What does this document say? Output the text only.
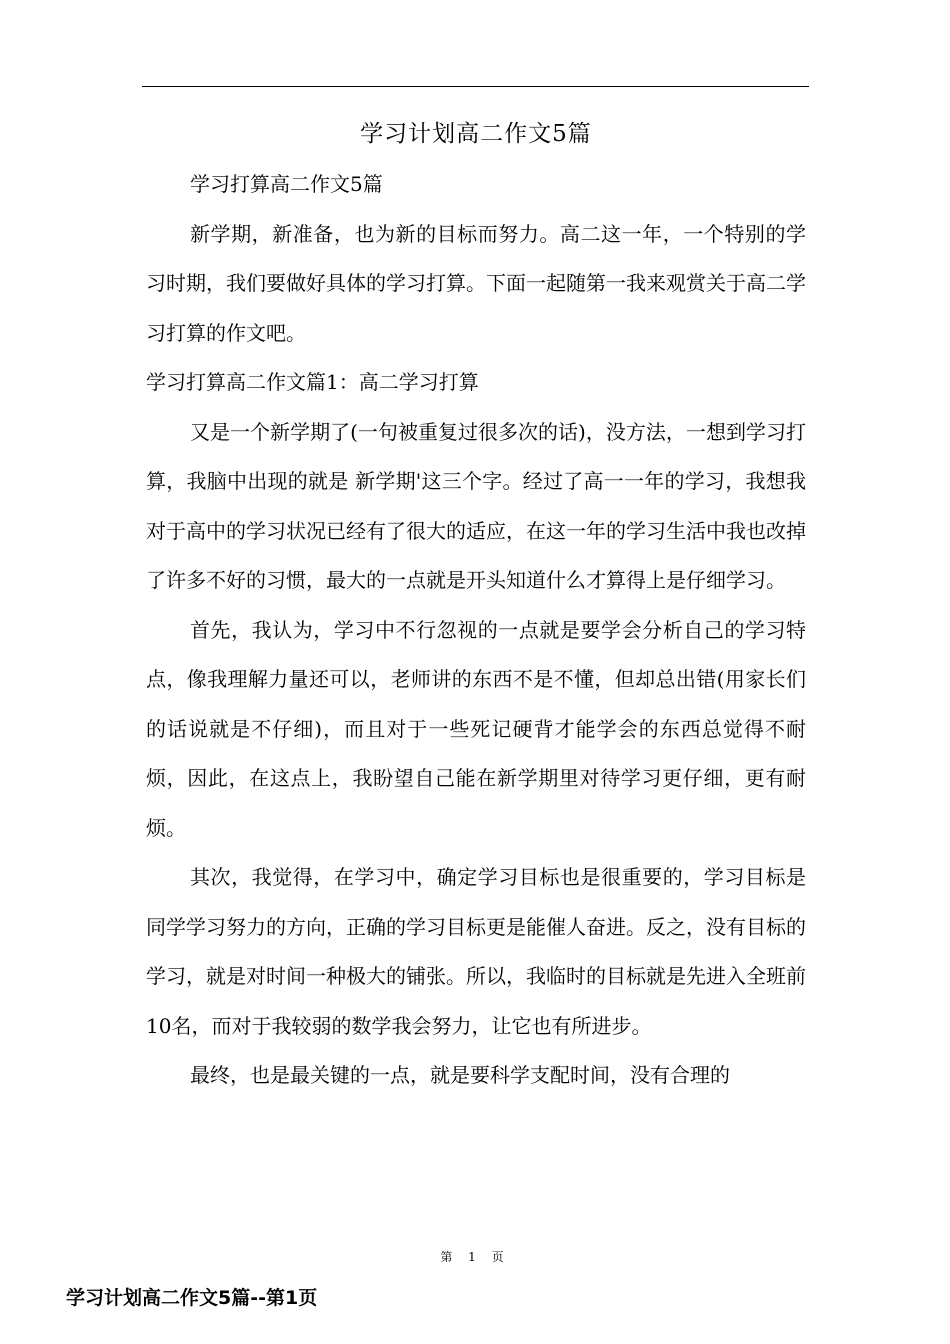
学习计划高二作文5篇

学习打算高二作文5篇

新学期，新准备，也为新的目标而努力。高二这一年，一个特别的学习时期，我们要做好具体的学习打算。下面一起随第一我来观赏关于高二学习打算的作文吧。

学习打算高二作文篇1：高二学习打算

又是一个新学期了(一句被重复过很多次的话)，没方法，一想到学习打算，我脑中出现的就是 新学期'这三个字。经过了高一一年的学习，我想我对于高中的学习状况已经有了很大的适应，在这一年的学习生活中我也改掉了许多不好的习惯，最大的一点就是开头知道什么才算得上是仔细学习。

首先，我认为，学习中不行忽视的一点就是要学会分析自己的学习特点，像我理解力量还可以，老师讲的东西不是不懂，但却总出错(用家长们的话说就是不仔细)，而且对于一些死记硬背才能学会的东西总觉得不耐烦，因此，在这点上，我盼望自己能在新学期里对待学习更仔细，更有耐烦。

其次，我觉得，在学习中，确定学习目标也是很重要的，学习目标是同学学习努力的方向，正确的学习目标更是能催人奋进。反之，没有目标的学习，就是对时间一种极大的铺张。所以，我临时的目标就是先进入全班前10名，而对于我较弱的数学我会努力，让它也有所进步。

最终，也是最关键的一点，就是要科学支配时间，没有合理的

第 1 页
学习计划高二作文5篇--第1页
